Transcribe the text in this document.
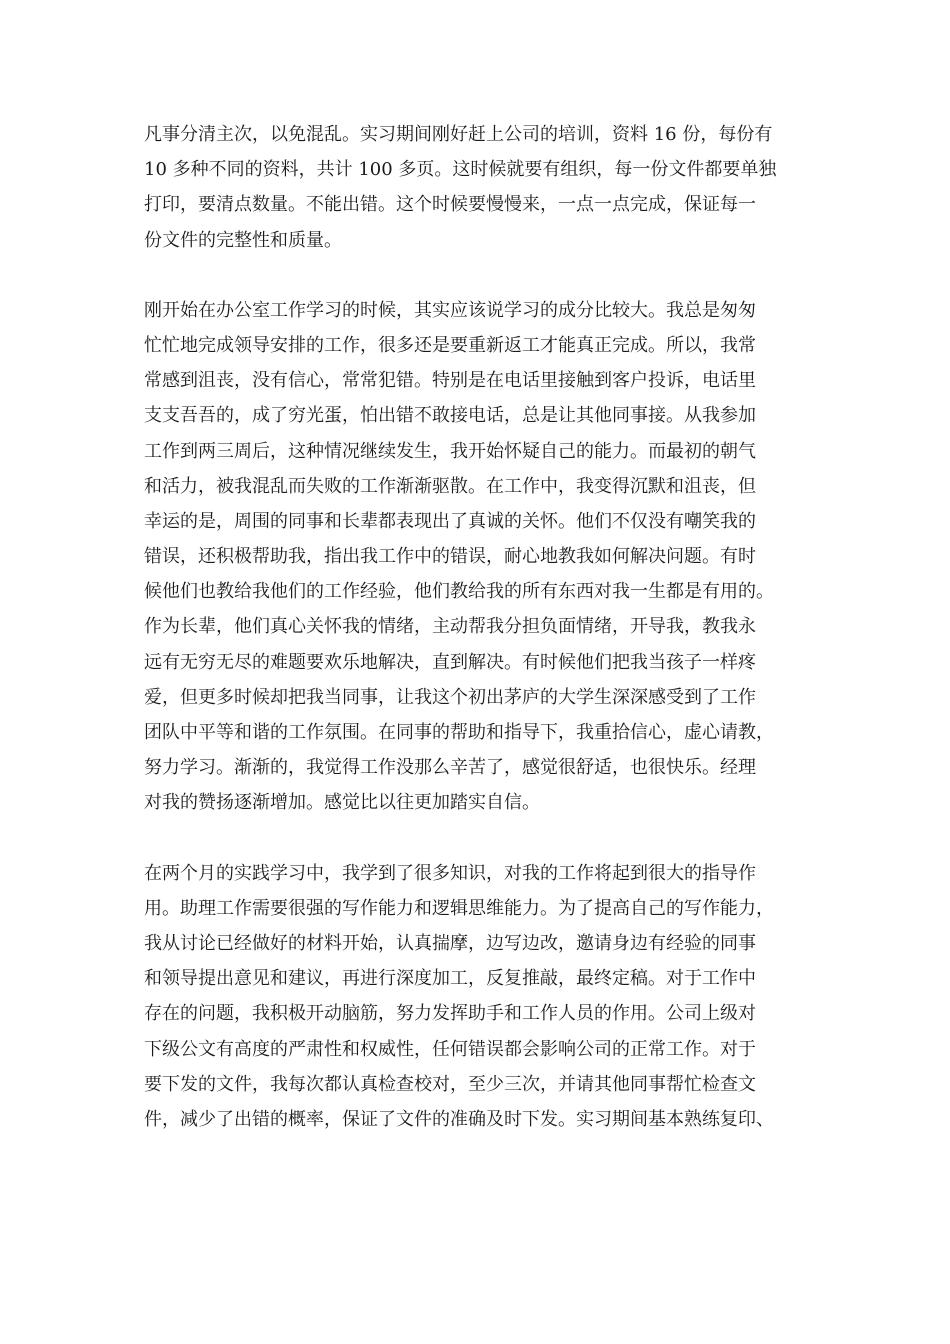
凡事分清主次，以免混乱。实习期间刚好赶上公司的培训，资料 16 份，每份有
10 多种不同的资料，共计 100 多页。这时候就要有组织，每一份文件都要单独
打印，要清点数量。不能出错。这个时候要慢慢来，一点一点完成，保证每一
份文件的完整性和质量。
刚开始在办公室工作学习的时候，其实应该说学习的成分比较大。我总是匆匆
忙忙地完成领导安排的工作，很多还是要重新返工才能真正完成。所以，我常
常感到沮丧，没有信心，常常犯错。特别是在电话里接触到客户投诉，电话里
支支吾吾的，成了穷光蛋，怕出错不敢接电话，总是让其他同事接。从我参加
工作到两三周后，这种情况继续发生，我开始怀疑自己的能力。而最初的朝气
和活力，被我混乱而失败的工作渐渐驱散。在工作中，我变得沉默和沮丧，但
幸运的是，周围的同事和长辈都表现出了真诚的关怀。他们不仅没有嘲笑我的
错误，还积极帮助我，指出我工作中的错误，耐心地教我如何解决问题。有时
候他们也教给我他们的工作经验，他们教给我的所有东西对我一生都是有用的。
作为长辈，他们真心关怀我的情绪，主动帮我分担负面情绪，开导我，教我永
远有无穷无尽的难题要欢乐地解决，直到解决。有时候他们把我当孩子一样疼
爱，但更多时候却把我当同事，让我这个初出茅庐的大学生深深感受到了工作
团队中平等和谐的工作氛围。在同事的帮助和指导下，我重拾信心，虚心请教，
努力学习。渐渐的，我觉得工作没那么辛苦了，感觉很舒适，也很快乐。经理
对我的赞扬逐渐增加。感觉比以往更加踏实自信。
在两个月的实践学习中，我学到了很多知识，对我的工作将起到很大的指导作
用。助理工作需要很强的写作能力和逻辑思维能力。为了提高自己的写作能力，
我从讨论已经做好的材料开始，认真揣摩，边写边改，邀请身边有经验的同事
和领导提出意见和建议，再进行深度加工，反复推敲，最终定稿。对于工作中
存在的问题，我积极开动脑筋，努力发挥助手和工作人员的作用。公司上级对
下级公文有高度的严肃性和权威性，任何错误都会影响公司的正常工作。对于
要下发的文件，我每次都认真检查校对，至少三次，并请其他同事帮忙检查文
件，减少了出错的概率，保证了文件的准确及时下发。实习期间基本熟练复印、
